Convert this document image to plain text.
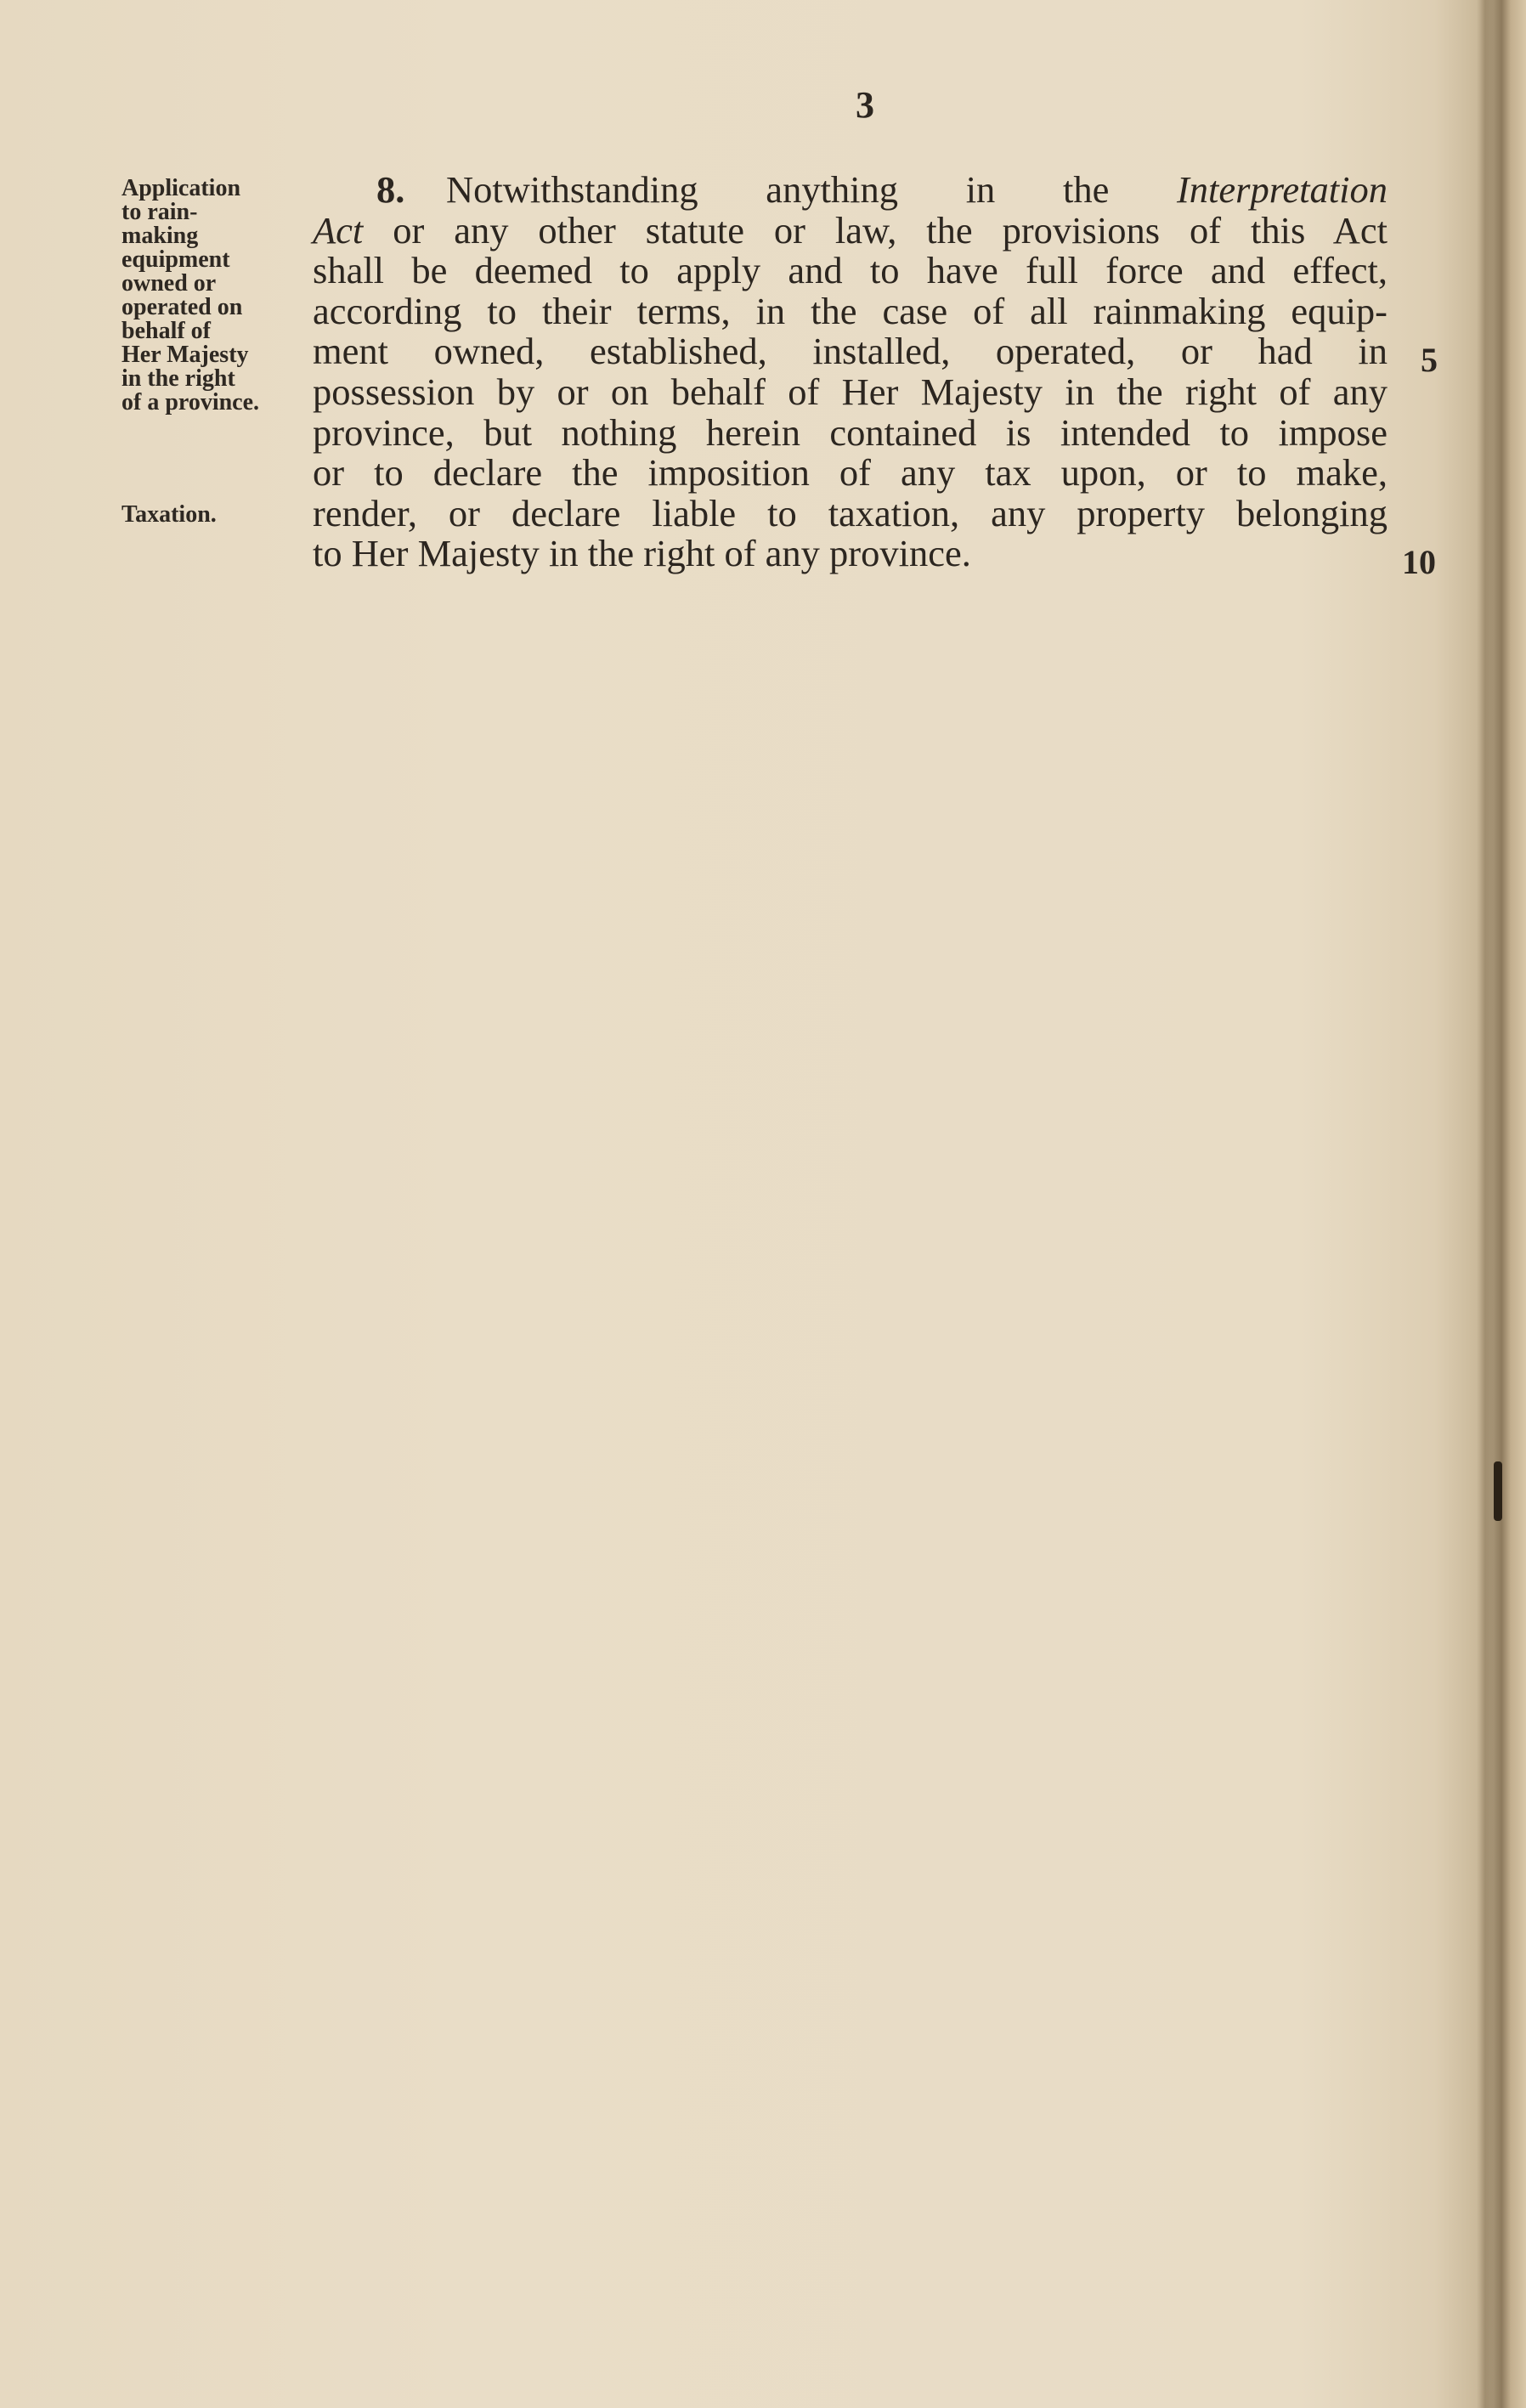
3
Application
to rain-
making
equipment
owned or
operated on
behalf of
Her Majesty
in the right
of a province.
Taxation.
8. Notwithstanding anything in the Interpretation
Act or any other statute or law, the provisions of this Act
shall be deemed to apply and to have full force and effect,
according to their terms, in the case of all rainmaking equip-
ment owned, established, installed, operated, or had in
possession by or on behalf of Her Majesty in the right of any
province, but nothing herein contained is intended to impose
or to declare the imposition of any tax upon, or to make,
render, or declare liable to taxation, any property belonging
to Her Majesty in the right of any province.
5
10
